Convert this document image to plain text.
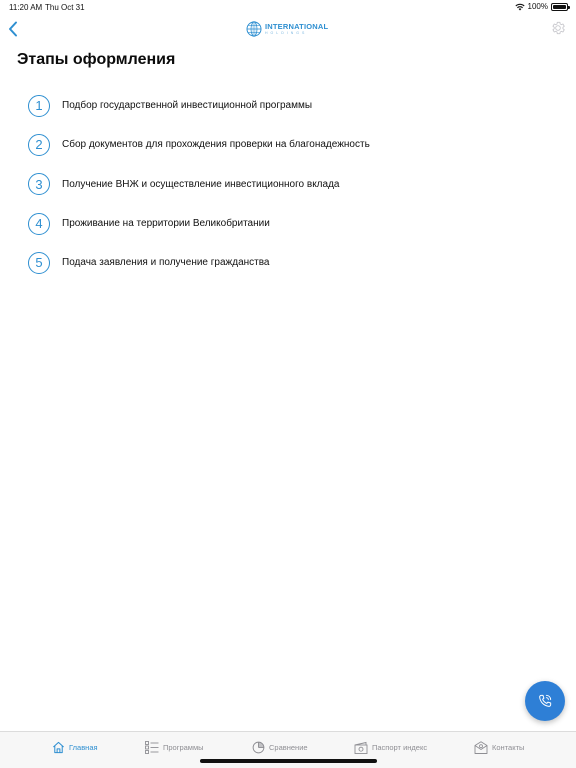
11:20 AM Thu Oct 31	100%
INTERNATIONAL
HOLDINGS
Этапы оформления
1	Подбор государственной инвестиционной программы
2	Сбор документов для прохождения проверки на благонадежность
3	Получение ВНЖ и осуществление инвестиционного вклада
4	Проживание на территории Великобритании
5	Подача заявления и получение гражданства
Главная	Программы	Сравнение	Паспорт индекс	Контакты
